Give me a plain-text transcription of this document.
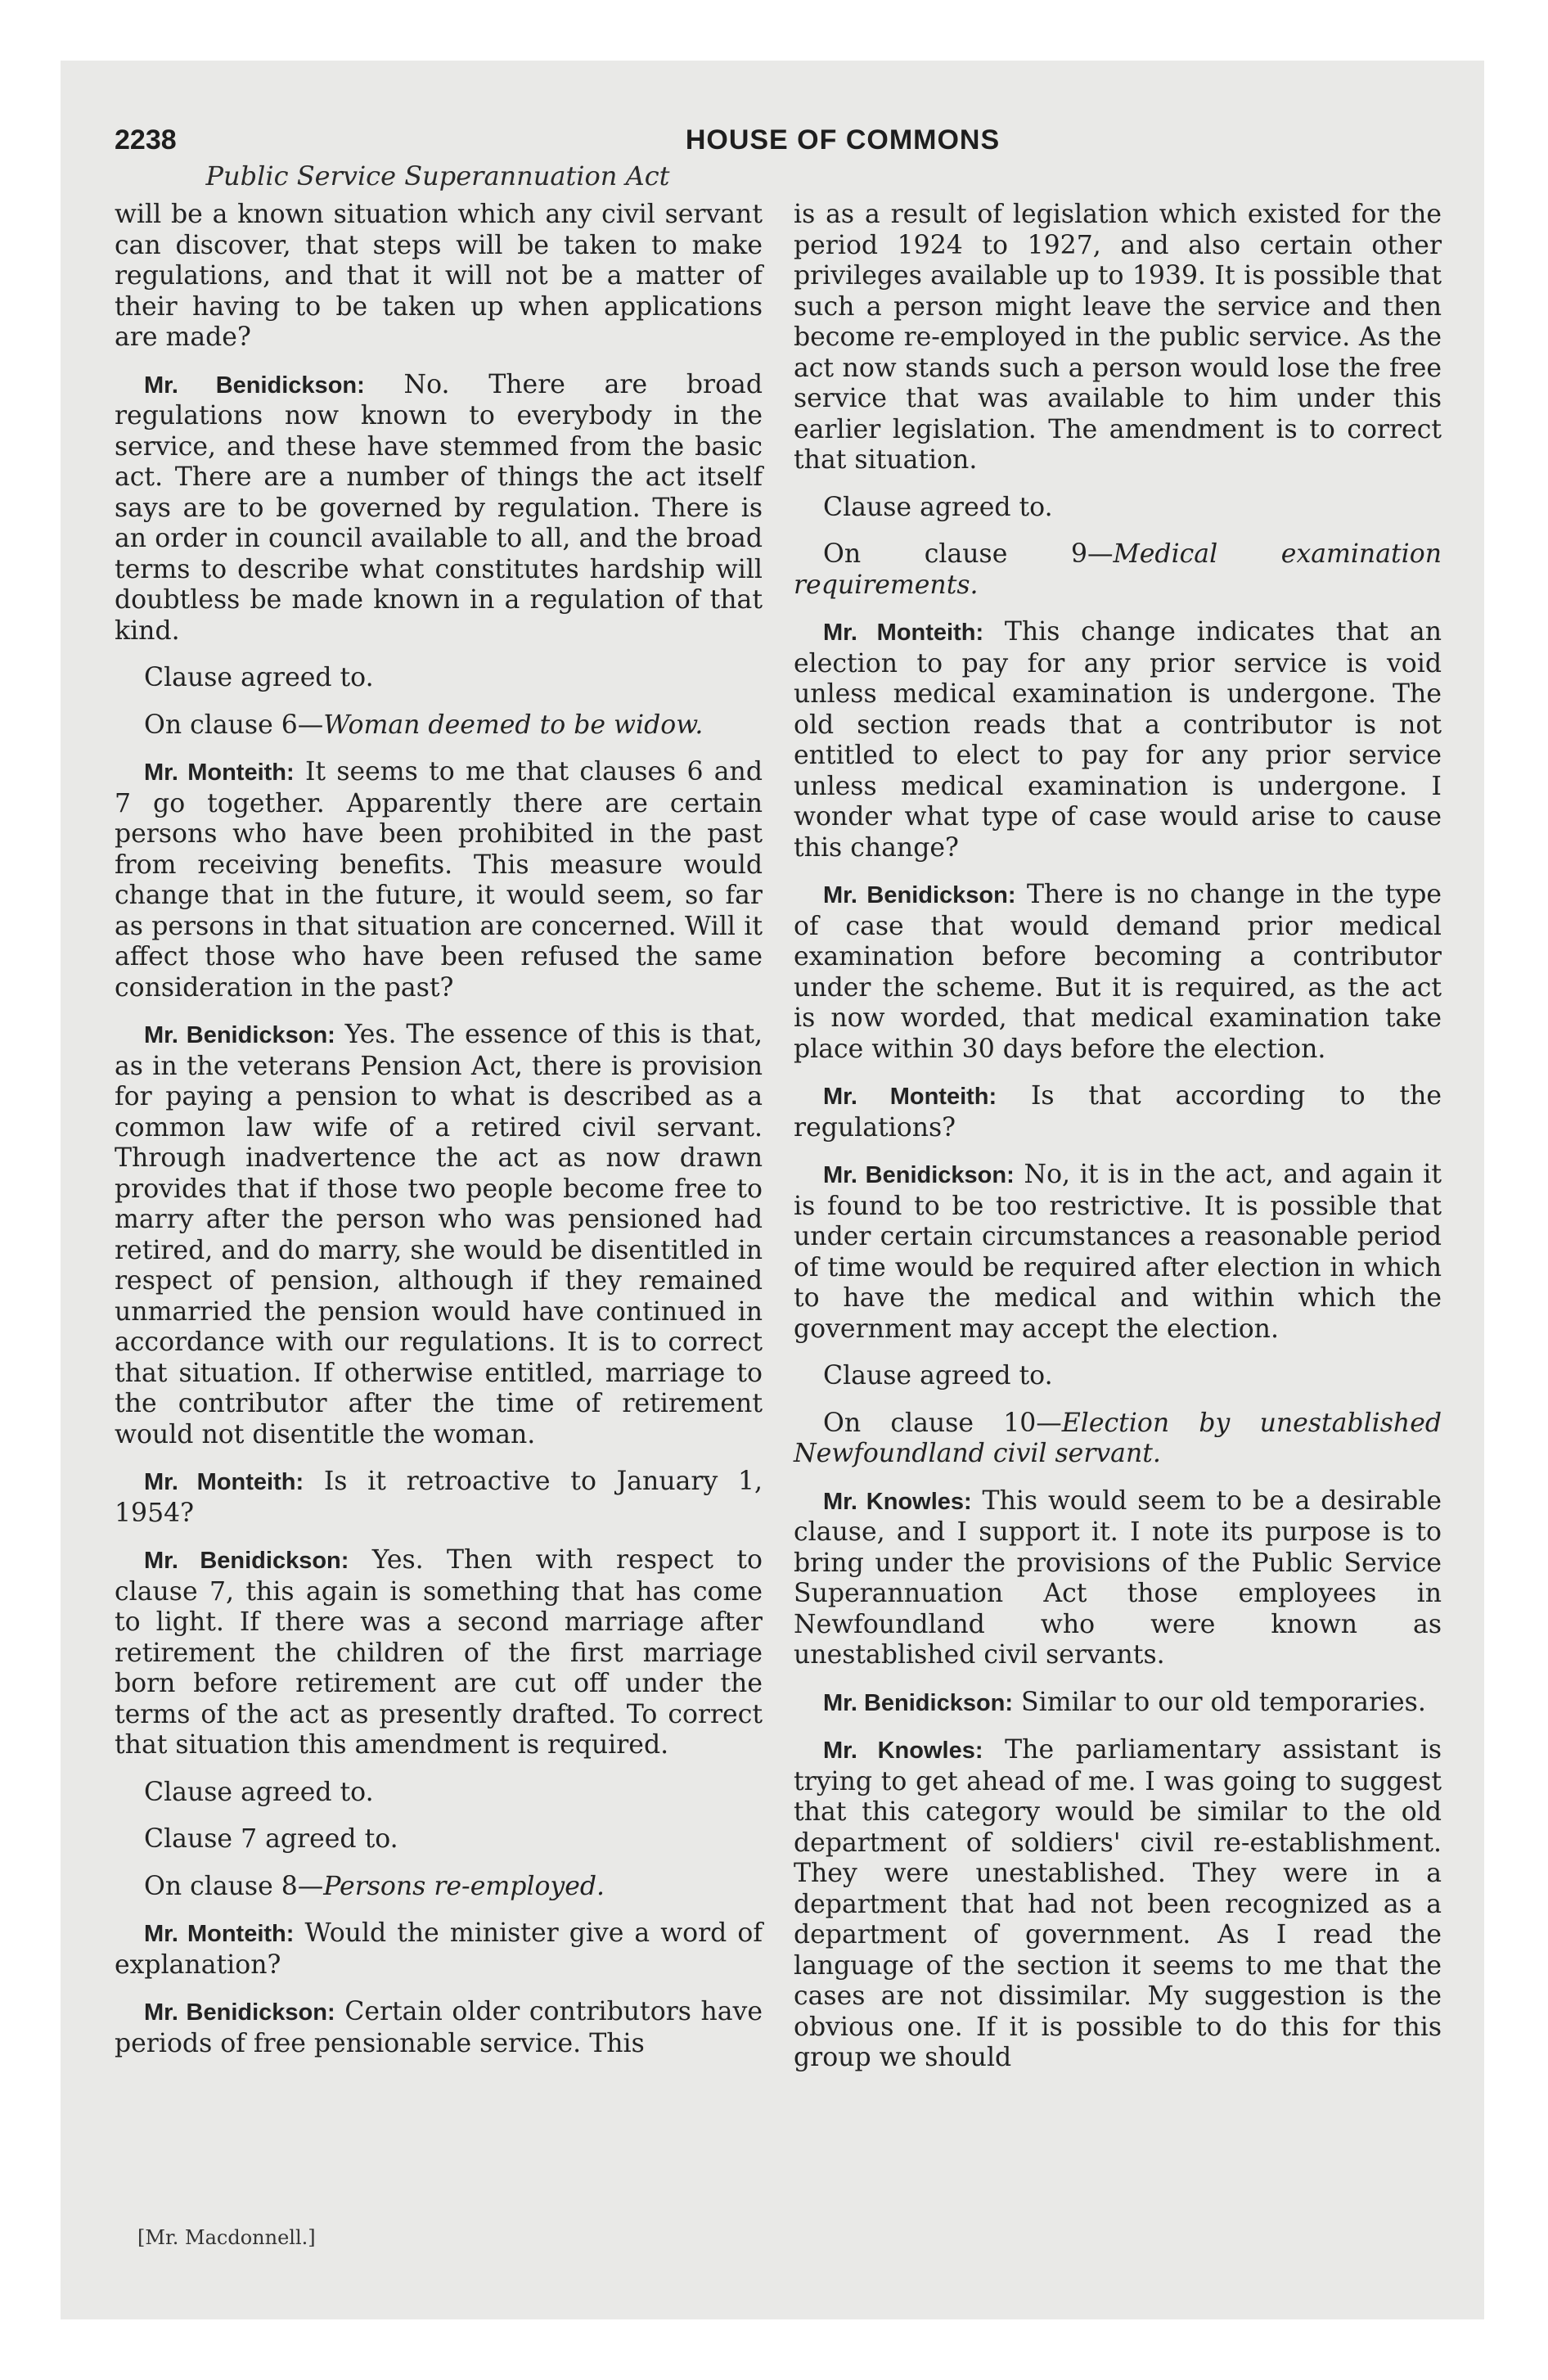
2238	HOUSE OF COMMONS
Public Service Superannuation Act

will be a known situation which any civil servant can discover, that steps will be taken to make regulations, and that it will not be a matter of their having to be taken up when applications are made?

Mr. Benidickson: No. There are broad regulations now known to everybody in the service, and these have stemmed from the basic act. There are a number of things the act itself says are to be governed by regulation. There is an order in council available to all, and the broad terms to describe what constitutes hardship will doubtless be made known in a regulation of that kind.

Clause agreed to.

On clause 6—Woman deemed to be widow.

Mr. Monteith: It seems to me that clauses 6 and 7 go together. Apparently there are certain persons who have been prohibited in the past from receiving benefits. This measure would change that in the future, it would seem, so far as persons in that situation are concerned. Will it affect those who have been refused the same consideration in the past?

Mr. Benidickson: Yes. The essence of this is that, as in the veterans Pension Act, there is provision for paying a pension to what is described as a common law wife of a retired civil servant. Through inadvertence the act as now drawn provides that if those two people become free to marry after the person who was pensioned had retired, and do marry, she would be disentitled in respect of pension, although if they remained unmarried the pension would have continued in accordance with our regulations. It is to correct that situation. If otherwise entitled, marriage to the contributor after the time of retirement would not disentitle the woman.

Mr. Monteith: Is it retroactive to January 1, 1954?

Mr. Benidickson: Yes. Then with respect to clause 7, this again is something that has come to light. If there was a second marriage after retirement the children of the first marriage born before retirement are cut off under the terms of the act as presently drafted. To correct that situation this amendment is required.

Clause agreed to.

Clause 7 agreed to.

On clause 8—Persons re-employed.

Mr. Monteith: Would the minister give a word of explanation?

Mr. Benidickson: Certain older contributors have periods of free pensionable service. This

is as a result of legislation which existed for the period 1924 to 1927, and also certain other privileges available up to 1939. It is possible that such a person might leave the service and then become re-employed in the public service. As the act now stands such a person would lose the free service that was available to him under this earlier legislation. The amendment is to correct that situation.

Clause agreed to.

On clause 9—Medical examination requirements.

Mr. Monteith: This change indicates that an election to pay for any prior service is void unless medical examination is undergone. The old section reads that a contributor is not entitled to elect to pay for any prior service unless medical examination is undergone. I wonder what type of case would arise to cause this change?

Mr. Benidickson: There is no change in the type of case that would demand prior medical examination before becoming a contributor under the scheme. But it is required, as the act is now worded, that medical examination take place within 30 days before the election.

Mr. Monteith: Is that according to the regulations?

Mr. Benidickson: No, it is in the act, and again it is found to be too restrictive. It is possible that under certain circumstances a reasonable period of time would be required after election in which to have the medical and within which the government may accept the election.

Clause agreed to.

On clause 10—Election by unestablished Newfoundland civil servant.

Mr. Knowles: This would seem to be a desirable clause, and I support it. I note its purpose is to bring under the provisions of the Public Service Superannuation Act those employees in Newfoundland who were known as unestablished civil servants.

Mr. Benidickson: Similar to our old temporaries.

Mr. Knowles: The parliamentary assistant is trying to get ahead of me. I was going to suggest that this category would be similar to the old department of soldiers' civil re-establishment. They were unestablished. They were in a department that had not been recognized as a department of government. As I read the language of the section it seems to me that the cases are not dissimilar. My suggestion is the obvious one. If it is possible to do this for this group we should

[Mr. Macdonnell.]
